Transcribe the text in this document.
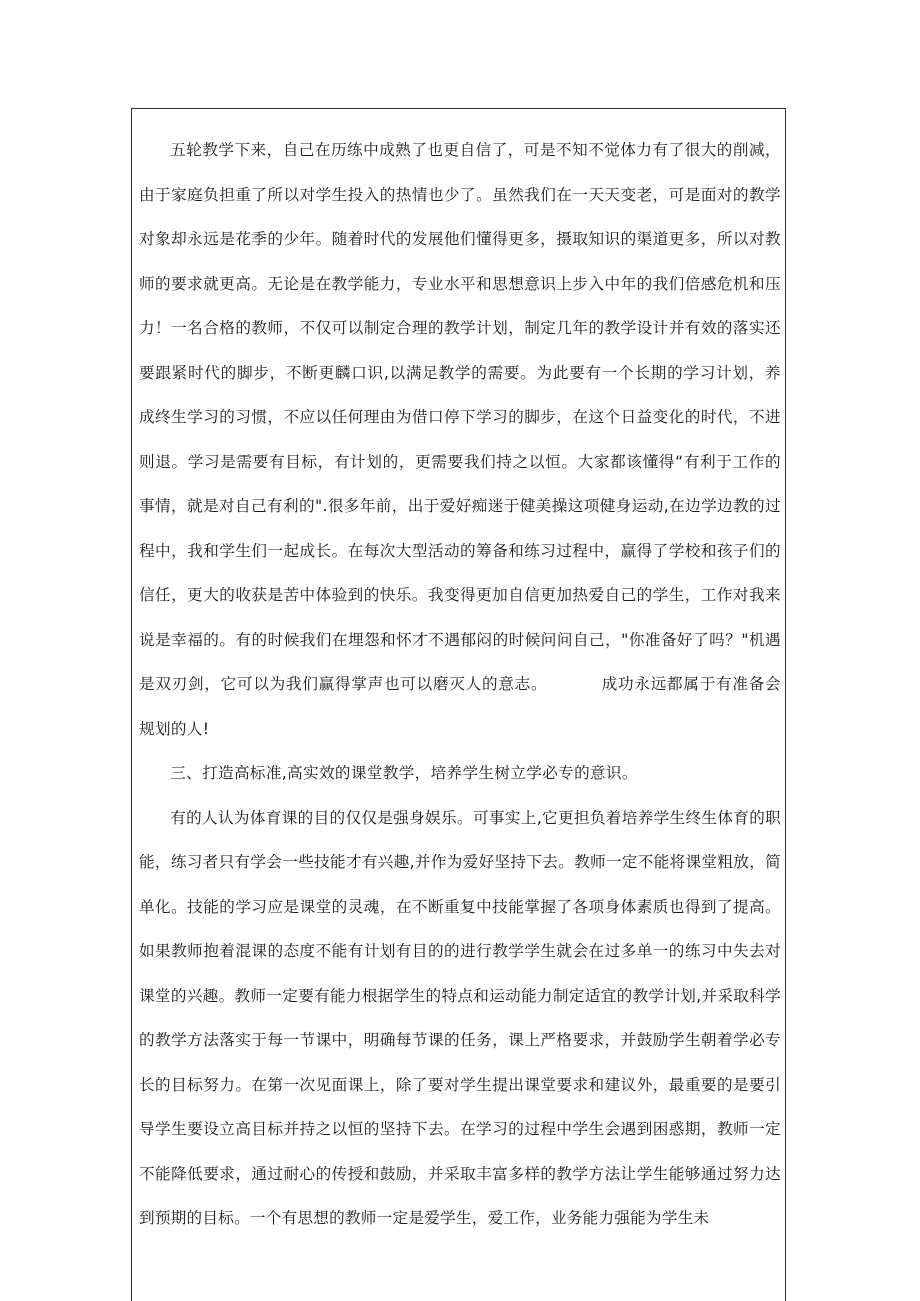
五轮教学下来，自己在历练中成熟了也更自信了，可是不知不觉体力有了很大的削减，由于家庭负担重了所以对学生投入的热情也少了。虽然我们在一天天变老，可是面对的教学对象却永远是花季的少年。随着时代的发展他们懂得更多，摄取知识的渠道更多，所以对教师的要求就更高。无论是在教学能力，专业水平和思想意识上步入中年的我们倍感危机和压力！一名合格的教师，不仅可以制定合理的教学计划，制定几年的教学设计并有效的落实还要跟紧时代的脚步，不断更麟口识,以满足教学的需要。为此要有一个长期的学习计划，养成终生学习的习惯，不应以任何理由为借口停下学习的脚步，在这个日益变化的时代，不进则退。学习是需要有目标，有计划的，更需要我们持之以恒。大家都该懂得“有利于工作的事情，就是对自己有利的".很多年前，出于爱好痴迷于健美操这项健身运动,在边学边教的过程中，我和学生们一起成长。在每次大型活动的筹备和练习过程中，赢得了学校和孩子们的信任，更大的收获是苦中体验到的快乐。我变得更加自信更加热爱自己的学生，工作对我来说是幸福的。有的时候我们在埋怨和怀才不遇郁闷的时候问问自己，"你准备好了吗？"机遇是双刃剑，它可以为我们赢得掌声也可以磨灭人的意志。	成功永远都属于有准备会规划的人!

三、打造高标准,高实效的课堂教学，培养学生树立学必专的意识。

有的人认为体育课的目的仅仅是强身娱乐。可事实上,它更担负着培养学生终生体育的职能，练习者只有学会一些技能才有兴趣,并作为爱好坚持下去。教师一定不能将课堂粗放，简单化。技能的学习应是课堂的灵魂，在不断重复中技能掌握了各项身体素质也得到了提高。如果教师抱着混课的态度不能有计划有目的的进行教学学生就会在过多单一的练习中失去对课堂的兴趣。教师一定要有能力根据学生的特点和运动能力制定适宜的教学计划,并采取科学的教学方法落实于每一节课中，明确每节课的任务，课上严格要求，并鼓励学生朝着学必专长的目标努力。在第一次见面课上，除了要对学生提出课堂要求和建议外，最重要的是要引导学生要设立高目标并持之以恒的坚持下去。在学习的过程中学生会遇到困惑期，教师一定不能降低要求，通过耐心的传授和鼓励，并采取丰富多样的教学方法让学生能够通过努力达到预期的目标。一个有思想的教师一定是爱学生，爱工作，业务能力强能为学生未
